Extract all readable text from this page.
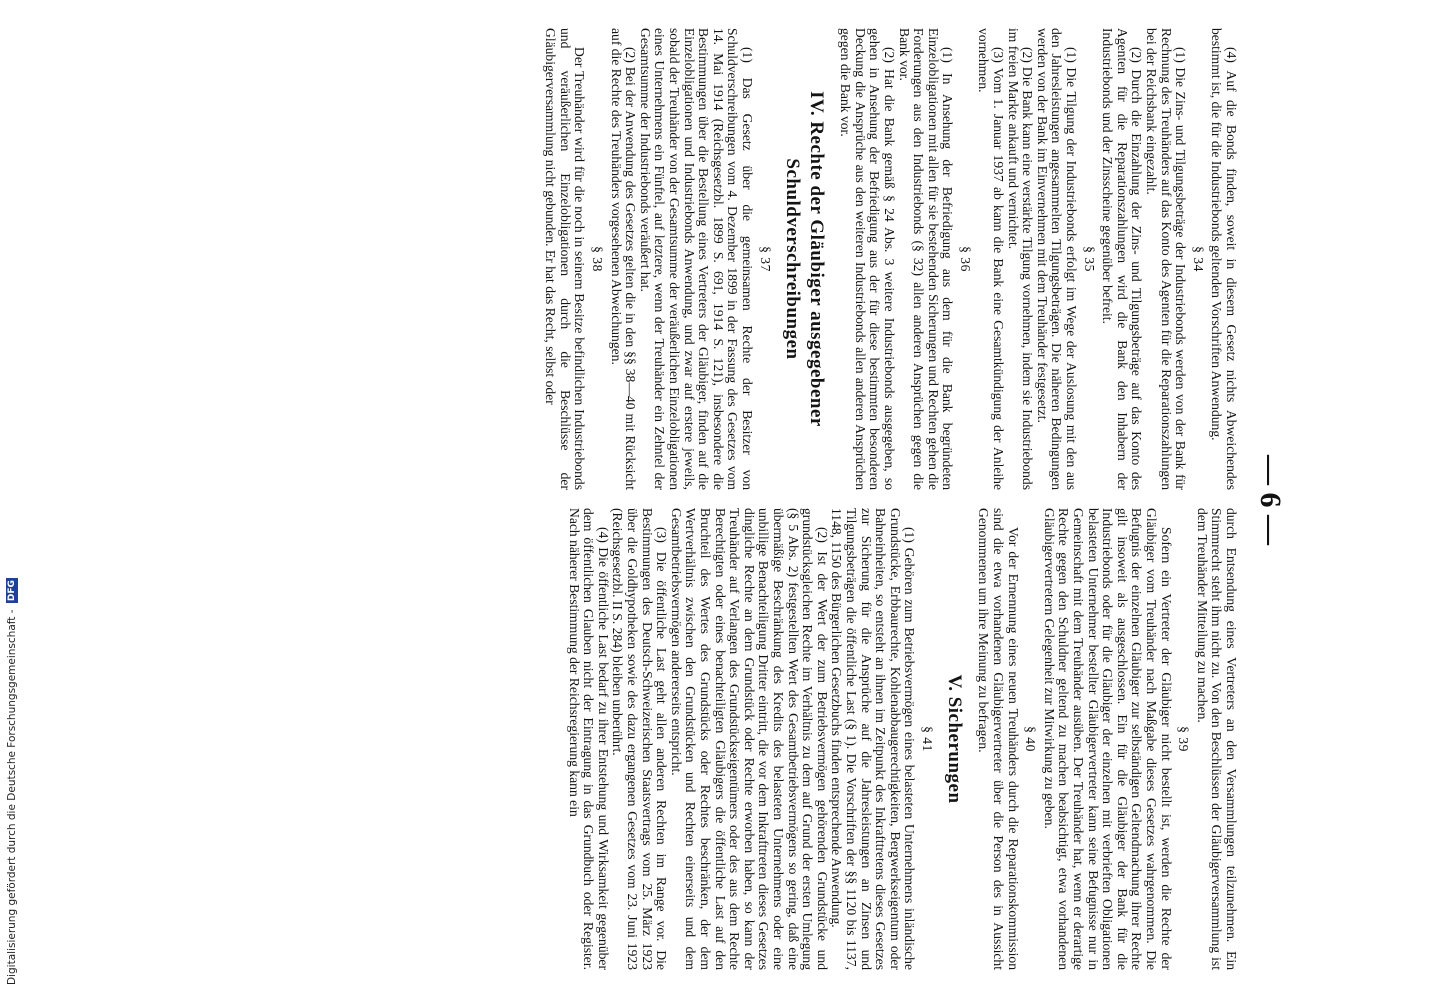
— 6 —
(4) Auf die Bonds finden, soweit in diesem Gesetz nichts Abweichendes bestimmt ist, die für die Industriebonds geltenden Vorschriften Anwendung.
§ 34
(1) Die Zins- und Tilgungsbeträge der Industriebonds werden von der Bank für Rechnung des Treuhänders auf das Konto des Agenten für die Reparationszahlungen bei der Reichsbank eingezahlt.
(2) Durch die Einzahlung der Zins- und Tilgungsbeträge auf das Konto des Agenten für die Reparationszahlungen wird die Bank den Inhabern der Industriebonds und der Zinsscheine gegenüber befreit.
§ 35
(1) Die Tilgung der Industriebonds erfolgt im Wege der Auslosung mit den aus den Jahresleistungen angesammelten Tilgungsbeträgen. Die näheren Bedingungen werden von der Bank im Einvernehmen mit dem Treuhänder festgesetzt.
(2) Die Bank kann eine verstärkte Tilgung vornehmen, indem sie Industriebonds im freien Markte ankauft und vernichtet.
(3) Vom 1. Januar 1937 ab kann die Bank eine Gesamtkündigung der Anleihe vornehmen.
§ 36
(1) In Ansehung der Befriedigung aus dem für die Bank begründeten Einzelobligationen mit allen für sie bestehenden Sicherungen und Rechten gehen die Forderungen aus den Industriebonds (§ 32) allen anderen Ansprüchen gegen die Bank vor.
(2) Hat die Bank gemäß § 24 Abs. 3 weitere Industriebonds ausgegeben, so gehen in Ansehung der Befriedigung aus der für diese bestimmten besonderen Deckung die Ansprüche aus den weiteren Industriebonds allen anderen Ansprüchen gegen die Bank vor.
IV. Rechte der Gläubiger ausgegebener Schuldverschreibungen
§ 37
(1) Das Gesetz über die gemeinsamen Rechte der Besitzer von Schuldverschreibungen vom 4. Dezember 1899 in der Fassung des Gesetzes vom 14. Mai 1914 (Reichsgesetzbl. 1899 S. 691, 1914 S. 121), insbesondere die Bestimmungen über die Bestellung eines Vertreters der Gläubiger, finden auf die Einzelobligationen und Industriebonds Anwendung, und zwar auf erstere jeweils, sobald der Treuhänder von der Gesamtsumme der veräußerlichen Einzelobligationen eines Unternehmens ein Fünftel, auf letztere, wenn der Treuhänder ein Zehntel der Gesamtsumme der Industriebonds veräußert hat.
(2) Bei der Anwendung des Gesetzes gelten die in den §§ 38—40 mit Rücksicht auf die Rechte des Treuhänders vorgesehenen Abweichungen.
§ 38
Der Treuhänder wird für die noch in seinem Besitze befindlichen Industriebonds und veräußerlichen Einzelobligationen durch die Beschlüsse der Gläubigerversammlung nicht gebunden. Er hat das Recht, selbst oder
durch Entsendung eines Vertreters an den Versammlungen teilzunehmen. Ein Stimmrecht steht ihm nicht zu. Von den Beschlüssen der Gläubigerversammlung ist dem Treuhänder Mitteilung zu machen.
§ 39
Sofern ein Vertreter der Gläubiger nicht bestellt ist, werden die Rechte der Gläubiger vom Treuhänder nach Maßgabe dieses Gesetzes wahrgenommen. Die Befugnis der einzelnen Gläubiger zur selbständigen Geltendmachung ihrer Rechte gilt insoweit als ausgeschlossen. Ein für die Gläubiger der Bank für die Industriebonds oder für die Gläubiger der einzelnen mit verbrieften Obligationen belasteten Unternehmer bestellter Gläubigervertreter kann seine Befugnisse nur in Gemeinschaft mit dem Treuhänder ausüben. Der Treuhänder hat, wenn er derartige Rechte gegen den Schuldner geltend zu machen beabsichtigt, etwa vorhandenen Gläubigervertretern Gelegenheit zur Mitwirkung zu geben.
§ 40
Vor der Ernennung eines neuen Treuhänders durch die Reparationskommission sind die etwa vorhandenen Gläubigervertreter über die Person des in Aussicht Genommenen um ihre Meinung zu befragen.
V. Sicherungen
§ 41
(1) Gehören zum Betriebsvermögen eines belasteten Unternehmens inländische Grundstücke, Erbbaurechte, Kohlenabbaugerechtigkeiten, Bergwerkseigentum oder Bahneinheiten, so entsteht an ihnen im Zeitpunkt des Inkrafttretens dieses Gesetzes zur Sicherung für die Ansprüche auf die Jahresleistungen an Zinsen und Tilgungsbeträgen die öffentliche Last (§ 1). Die Vorschriften der §§ 1120 bis 1137, 1148, 1150 des Bürgerlichen Gesetzbuchs finden entsprechende Anwendung.
(2) Ist der Wert der zum Betriebsvermögen gehörenden Grundstücke und grundstücksgleichen Rechte im Verhältnis zu dem auf Grund der ersten Umlegung (§ 5 Abs. 2) festgestellten Wert des Gesamtbetriebsvermögens so gering, daß eine übermäßige Beschränkung des Kredits des belasteten Unternehmens oder eine unbillige Benachteiligung Dritter eintritt, die vor dem Inkrafttreten dieses Gesetzes dingliche Rechte an dem Grundstück oder Rechte erworben haben, so kann der Treuhänder auf Verlangen des Grundstückseigentümers oder des aus dem Rechte Berechtigten oder eines benachteiligten Gläubigers die öffentliche Last auf den Bruchteil des Wertes des Grundstücks oder Rechtes beschränken, der dem Wertverhältnis zwischen den Grundstücken und Rechten einerseits und dem Gesamtbetriebsvermögen andererseits entspricht.
(3) Die öffentliche Last geht allen anderen Rechten im Range vor. Die Bestimmungen des Deutsch-Schweizerischen Staatsvertrags vom 25. März 1923 über die Goldhypotheken sowie des dazu ergangenen Gesetzes vom 23. Juni 1923 (Reichsgesetzbl. II S. 284) bleiben unberührt.
(4) Die öffentliche Last bedarf zu ihrer Entstehung und Wirksamkeit gegenüber dem öffentlichen Glauben nicht der Eintragung in das Grundbuch oder Register. Nach näherer Bestimmung der Reichsregierung kann ein
Digitalisierung gefördert durch die Deutsche Forschungsgemeinschaft - DFG
